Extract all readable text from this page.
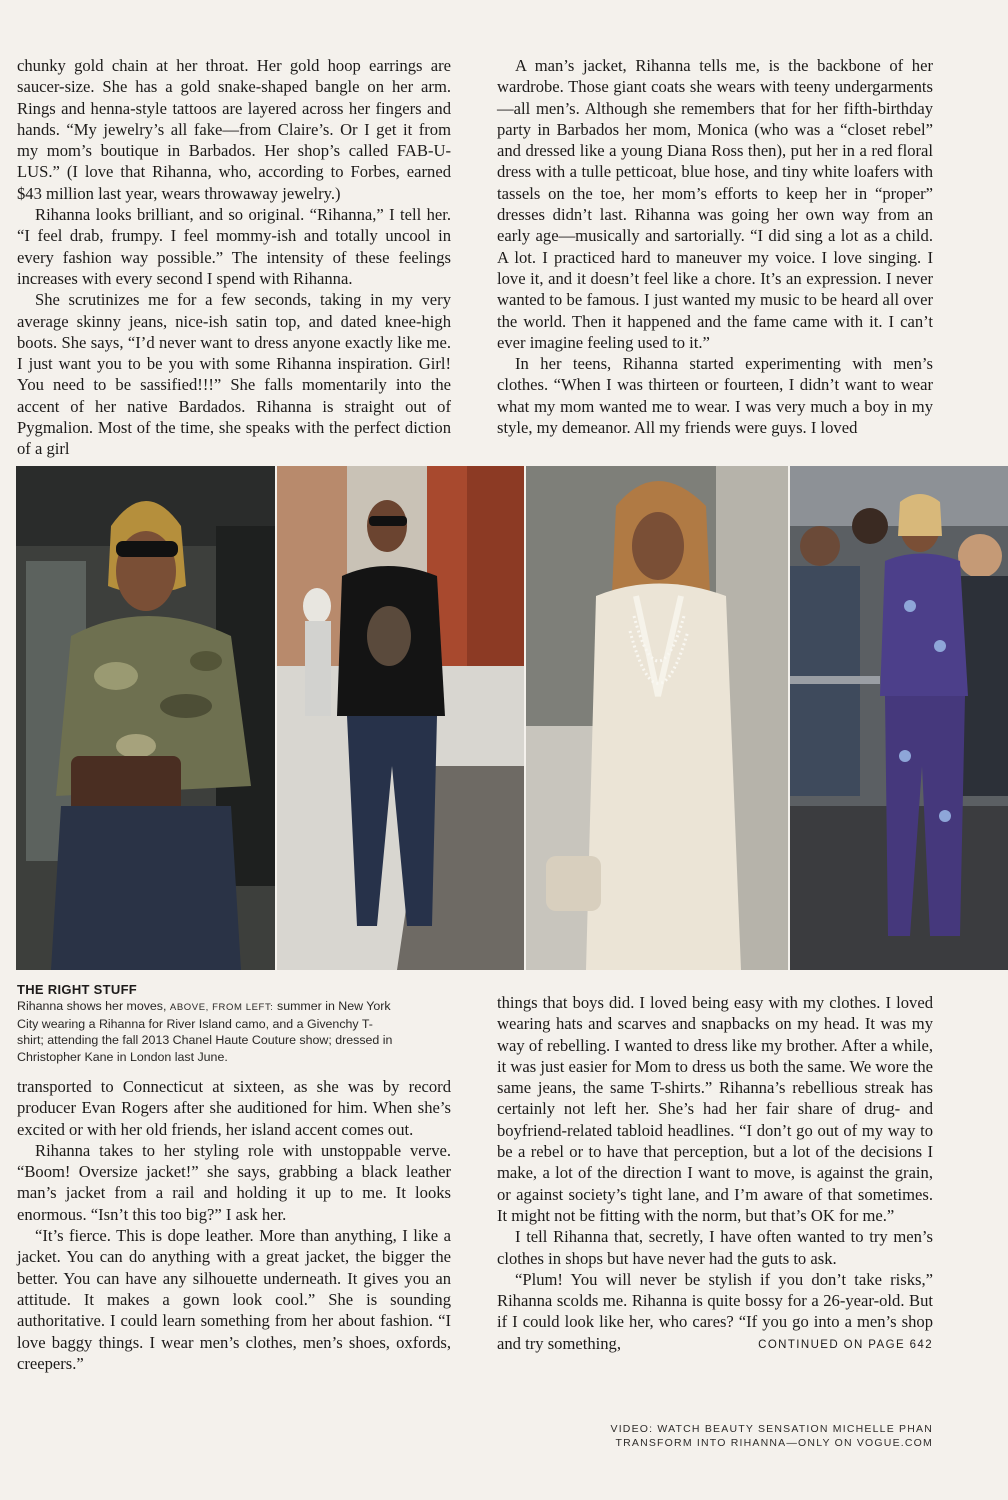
chunky gold chain at her throat. Her gold hoop earrings are saucer-size. She has a gold snake-shaped bangle on her arm. Rings and henna-style tattoos are layered across her fingers and hands. “My jewelry’s all fake—from Claire’s. Or I get it from my mom’s boutique in Barbados. Her shop’s called FAB-U-LUS.” (I love that Rihanna, who, according to Forbes, earned $43 million last year, wears throwaway jewelry.)

Rihanna looks brilliant, and so original. “Rihanna,” I tell her. “I feel drab, frumpy. I feel mommy-ish and totally uncool in every fashion way possible.” The intensity of these feelings increases with every second I spend with Rihanna.

She scrutinizes me for a few seconds, taking in my very average skinny jeans, nice-ish satin top, and dated knee-high boots. She says, “I’d never want to dress anyone exactly like me. I just want you to be you with some Rihanna inspiration. Girl! You need to be sassified!!!” She falls momentarily into the accent of her native Bardados. Rihanna is straight out of Pygmalion. Most of the time, she speaks with the perfect diction of a girl

A man’s jacket, Rihanna tells me, is the backbone of her wardrobe. Those giant coats she wears with teeny undergarments—all men’s. Although she remembers that for her fifth-birthday party in Barbados her mom, Monica (who was a “closet rebel” and dressed like a young Diana Ross then), put her in a red floral dress with a tulle petticoat, blue hose, and tiny white loafers with tassels on the toe, her mom’s efforts to keep her in “proper” dresses didn’t last. Rihanna was going her own way from an early age—musically and sartorially. “I did sing a lot as a child. A lot. I practiced hard to maneuver my voice. I love singing. I love it, and it doesn’t feel like a chore. It’s an expression. I never wanted to be famous. I just wanted my music to be heard all over the world. Then it happened and the fame came with it. I can’t ever imagine feeling used to it.”

In her teens, Rihanna started experimenting with men’s clothes. “When I was thirteen or fourteen, I didn’t want to wear what my mom wanted me to wear. I was very much a boy in my style, my demeanor. All my friends were guys. I loved

THE RIGHT STUFF
Rihanna shows her moves, ABOVE, FROM LEFT: summer in New York City wearing a Rihanna for River Island camo, and a Givenchy T-shirt; attending the fall 2013 Chanel Haute Couture show; dressed in Christopher Kane in London last June.

transported to Connecticut at sixteen, as she was by record producer Evan Rogers after she auditioned for him. When she’s excited or with her old friends, her island accent comes out.

Rihanna takes to her styling role with unstoppable verve. “Boom! Oversize jacket!” she says, grabbing a black leather man’s jacket from a rail and holding it up to me. It looks enormous. “Isn’t this too big?” I ask her.

“It’s fierce. This is dope leather. More than anything, I like a jacket. You can do anything with a great jacket, the bigger the better. You can have any silhouette underneath. It gives you an attitude. It makes a gown look cool.” She is sounding authoritative. I could learn something from her about fashion. “I love baggy things. I wear men’s clothes, men’s shoes, oxfords, creepers.”

things that boys did. I loved being easy with my clothes. I loved wearing hats and scarves and snapbacks on my head. It was my way of rebelling. I wanted to dress like my brother. After a while, it was just easier for Mom to dress us both the same. We wore the same jeans, the same T-shirts.” Rihanna’s rebellious streak has certainly not left her. She’s had her fair share of drug- and boyfriend-related tabloid headlines. “I don’t go out of my way to be a rebel or to have that perception, but a lot of the decisions I make, a lot of the direction I want to move, is against the grain, or against society’s tight lane, and I’m aware of that sometimes. It might not be fitting with the norm, but that’s OK for me.”

I tell Rihanna that, secretly, I have often wanted to try men’s clothes in shops but have never had the guts to ask.

“Plum! You will never be stylish if you don’t take risks,” Rihanna scolds me. Rihanna is quite bossy for a 26-year-old. But if I could look like her, who cares? “If you go into a men’s shop and try something,	CONTINUED ON PAGE 642

VIDEO: WATCH BEAUTY SENSATION MICHELLE PHAN
TRANSFORM INTO RIHANNA—ONLY ON VOGUE.COM
